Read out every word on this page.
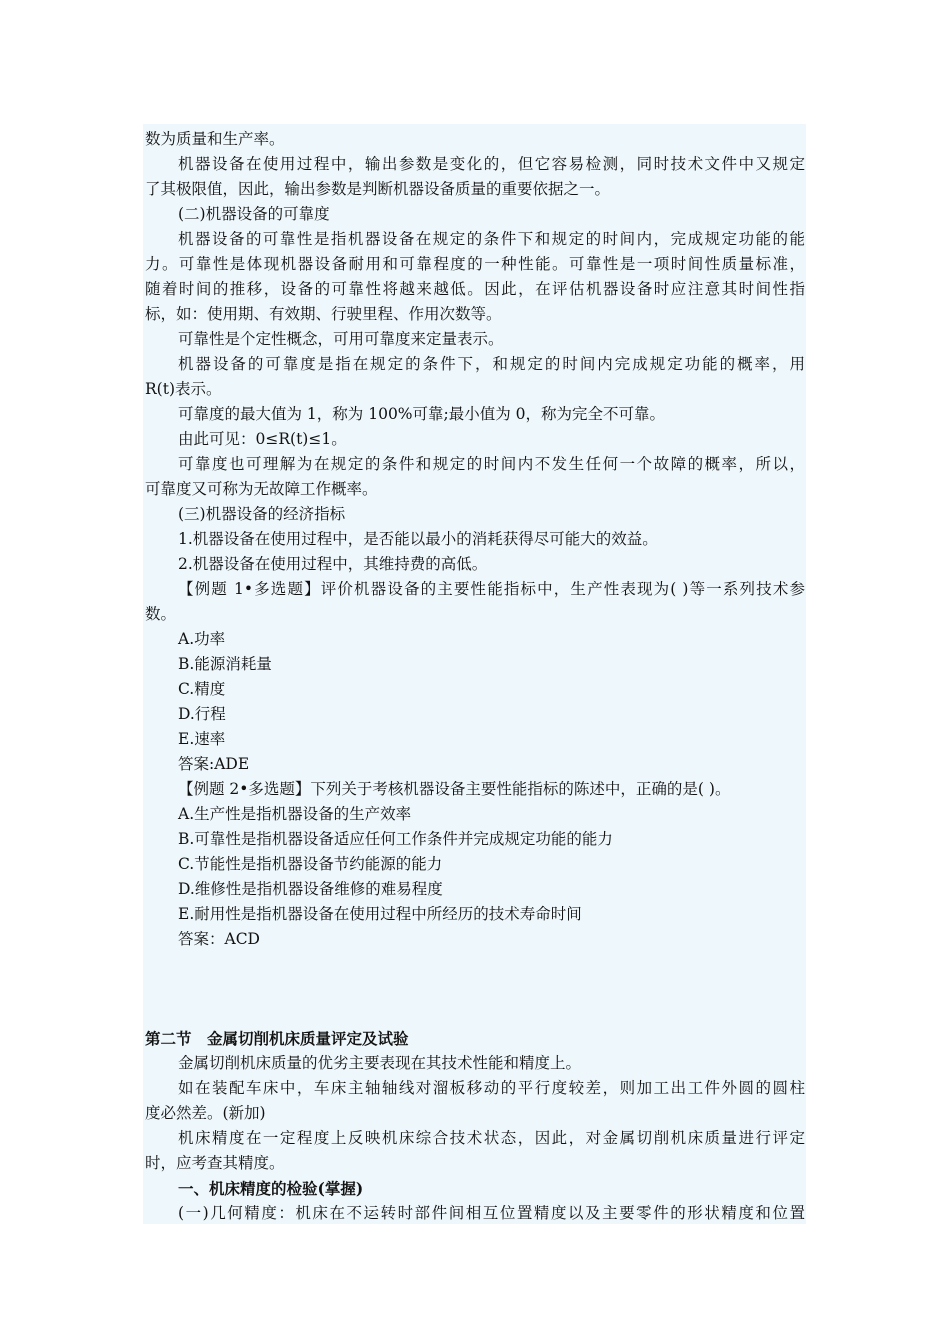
数为质量和生产率。
机器设备在使用过程中，输出参数是变化的，但它容易检测，同时技术文件中又规定
了其极限值，因此，输出参数是判断机器设备质量的重要依据之一。
(二)机器设备的可靠度
机器设备的可靠性是指机器设备在规定的条件下和规定的时间内，完成规定功能的能
力。可靠性是体现机器设备耐用和可靠程度的一种性能。可靠性是一项时间性质量标准，
随着时间的推移，设备的可靠性将越来越低。因此，在评估机器设备时应注意其时间性指
标，如：使用期、有效期、行驶里程、作用次数等。
可靠性是个定性概念，可用可靠度来定量表示。
机器设备的可靠度是指在规定的条件下，和规定的时间内完成规定功能的概率，用
R(t)表示。
可靠度的最大值为 1，称为 100%可靠;最小值为 0，称为完全不可靠。
由此可见：0≤R(t)≤1。
可靠度也可理解为在规定的条件和规定的时间内不发生任何一个故障的概率，所以，
可靠度又可称为无故障工作概率。
(三)机器设备的经济指标
1.机器设备在使用过程中，是否能以最小的消耗获得尽可能大的效益。
2.机器设备在使用过程中，其维持费的高低。
【例题 1•多选题】评价机器设备的主要性能指标中，生产性表现为( )等一系列技术参
数。
A.功率
B.能源消耗量
C.精度
D.行程
E.速率
答案:ADE
【例题 2•多选题】下列关于考核机器设备主要性能指标的陈述中，正确的是( )。
A.生产性是指机器设备的生产效率
B.可靠性是指机器设备适应任何工作条件并完成规定功能的能力
C.节能性是指机器设备节约能源的能力
D.维修性是指机器设备维修的难易程度
E.耐用性是指机器设备在使用过程中所经历的技术寿命时间
答案：ACD
第二节　金属切削机床质量评定及试验
金属切削机床质量的优劣主要表现在其技术性能和精度上。
如在装配车床中，车床主轴轴线对溜板移动的平行度较差，则加工出工件外圆的圆柱
度必然差。(新加)
机床精度在一定程度上反映机床综合技术状态，因此，对金属切削机床质量进行评定
时，应考查其精度。
一、机床精度的检验(掌握)
(一)几何精度：机床在不运转时部件间相互位置精度以及主要零件的形状精度和位置
